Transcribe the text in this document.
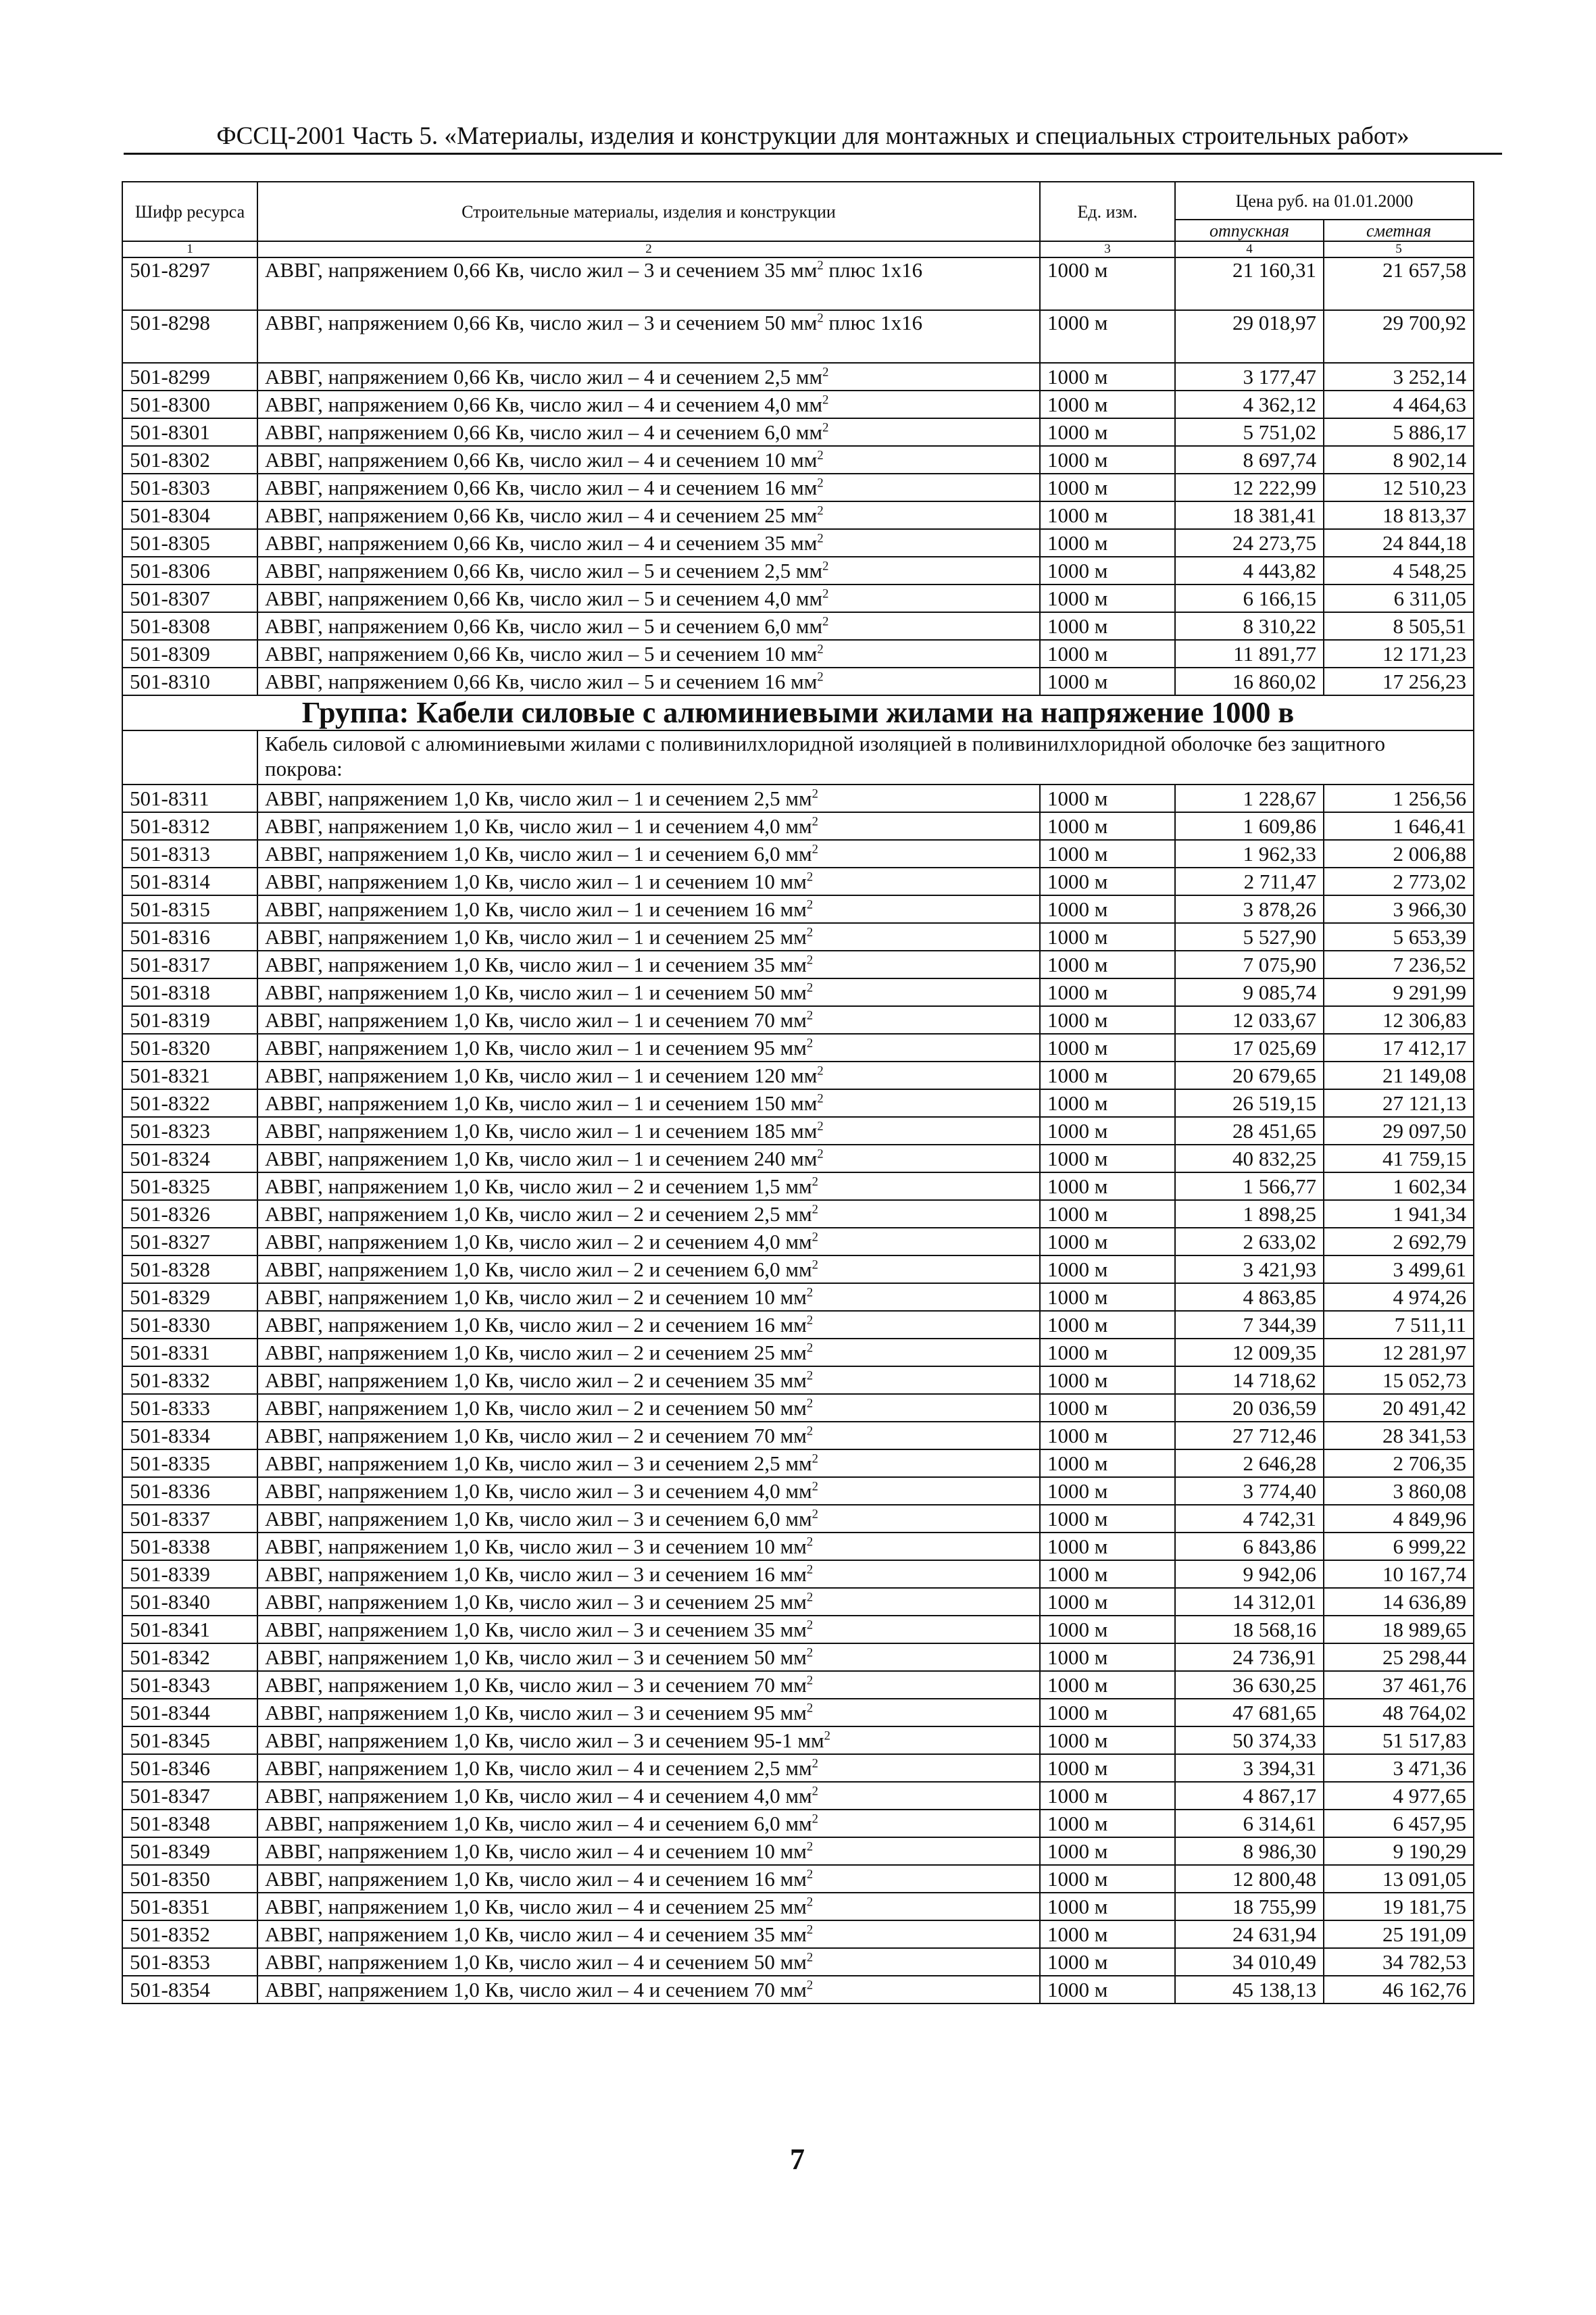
ФССЦ-2001 Часть 5. «Материалы, изделия и конструкции для монтажных и специальных строительных работ»
Шифр ресурса	Строительные материалы, изделия и конструкции	Ед. изм.	Цена руб. на 01.01.2000	
			отпускная	сметная
1	2	3	4	5
501-8297	АВВГ, напряжением 0,66 Кв, число жил – 3 и сечением 35 $мм^2$ плюс 1х16	1000 м	21 160,31	21 657,58
501-8298	АВВГ, напряжением 0,66 Кв, число жил – 3 и сечением 50 $мм^2$ плюс 1х16	1000 м	29 018,97	29 700,92
501-8299	АВВГ, напряжением 0,66 Кв, число жил – 4 и сечением 2,5 $мм^2$	1000 м	3 177,47	3 252,14
501-8300	АВВГ, напряжением 0,66 Кв, число жил – 4 и сечением 4,0 $мм^2$	1000 м	4 362,12	4 464,63
501-8301	АВВГ, напряжением 0,66 Кв, число жил – 4 и сечением 6,0 $мм^2$	1000 м	5 751,02	5 886,17
501-8302	АВВГ, напряжением 0,66 Кв, число жил – 4 и сечением 10 $мм^2$	1000 м	8 697,74	8 902,14
501-8303	АВВГ, напряжением 0,66 Кв, число жил – 4 и сечением 16 $мм^2$	1000 м	12 222,99	12 510,23
501-8304	АВВГ, напряжением 0,66 Кв, число жил – 4 и сечением 25 $мм^2$	1000 м	18 381,41	18 813,37
501-8305	АВВГ, напряжением 0,66 Кв, число жил – 4 и сечением 35 $мм^2$	1000 м	24 273,75	24 844,18
501-8306	АВВГ, напряжением 0,66 Кв, число жил – 5 и сечением 2,5 $мм^2$	1000 м	4 443,82	4 548,25
501-8307	АВВГ, напряжением 0,66 Кв, число жил – 5 и сечением 4,0 $мм^2$	1000 м	6 166,15	6 311,05
501-8308	АВВГ, напряжением 0,66 Кв, число жил – 5 и сечением 6,0 $мм^2$	1000 м	8 310,22	8 505,51
501-8309	АВВГ, напряжением 0,66 Кв, число жил – 5 и сечением 10 $мм^2$	1000 м	11 891,77	12 171,23
501-8310	АВВГ, напряжением 0,66 Кв, число жил – 5 и сечением 16 $мм^2$	1000 м	16 860,02	17 256,23
Группа: Кабели силовые с алюминиевыми жилами на напряжение 1000 в				
	Кабель силовой с алюминиевыми жилами с поливинилхлоридной изоляцией в поливинилхлоридной оболочке без защитного покрова:			
501-8311	АВВГ, напряжением 1,0 Кв, число жил – 1 и сечением 2,5 $мм^2$	1000 м	1 228,67	1 256,56
501-8312	АВВГ, напряжением 1,0 Кв, число жил – 1 и сечением 4,0 $мм^2$	1000 м	1 609,86	1 646,41
501-8313	АВВГ, напряжением 1,0 Кв, число жил – 1 и сечением 6,0 $мм^2$	1000 м	1 962,33	2 006,88
501-8314	АВВГ, напряжением 1,0 Кв, число жил – 1 и сечением 10 $мм^2$	1000 м	2 711,47	2 773,02
501-8315	АВВГ, напряжением 1,0 Кв, число жил – 1 и сечением 16 $мм^2$	1000 м	3 878,26	3 966,30
501-8316	АВВГ, напряжением 1,0 Кв, число жил – 1 и сечением 25 $мм^2$	1000 м	5 527,90	5 653,39
501-8317	АВВГ, напряжением 1,0 Кв, число жил – 1 и сечением 35 $мм^2$	1000 м	7 075,90	7 236,52
501-8318	АВВГ, напряжением 1,0 Кв, число жил – 1 и сечением 50 $мм^2$	1000 м	9 085,74	9 291,99
501-8319	АВВГ, напряжением 1,0 Кв, число жил – 1 и сечением 70 $мм^2$	1000 м	12 033,67	12 306,83
501-8320	АВВГ, напряжением 1,0 Кв, число жил – 1 и сечением 95 $мм^2$	1000 м	17 025,69	17 412,17
501-8321	АВВГ, напряжением 1,0 Кв, число жил – 1 и сечением 120 $мм^2$	1000 м	20 679,65	21 149,08
501-8322	АВВГ, напряжением 1,0 Кв, число жил – 1 и сечением 150 $мм^2$	1000 м	26 519,15	27 121,13
501-8323	АВВГ, напряжением 1,0 Кв, число жил – 1 и сечением 185 $мм^2$	1000 м	28 451,65	29 097,50
501-8324	АВВГ, напряжением 1,0 Кв, число жил – 1 и сечением 240 $мм^2$	1000 м	40 832,25	41 759,15
501-8325	АВВГ, напряжением 1,0 Кв, число жил – 2 и сечением 1,5 $мм^2$	1000 м	1 566,77	1 602,34
501-8326	АВВГ, напряжением 1,0 Кв, число жил – 2 и сечением 2,5 $мм^2$	1000 м	1 898,25	1 941,34
501-8327	АВВГ, напряжением 1,0 Кв, число жил – 2 и сечением 4,0 $мм^2$	1000 м	2 633,02	2 692,79
501-8328	АВВГ, напряжением 1,0 Кв, число жил – 2 и сечением 6,0 $мм^2$	1000 м	3 421,93	3 499,61
501-8329	АВВГ, напряжением 1,0 Кв, число жил – 2 и сечением 10 $мм^2$	1000 м	4 863,85	4 974,26
501-8330	АВВГ, напряжением 1,0 Кв, число жил – 2 и сечением 16 $мм^2$	1000 м	7 344,39	7 511,11
501-8331	АВВГ, напряжением 1,0 Кв, число жил – 2 и сечением 25 $мм^2$	1000 м	12 009,35	12 281,97
501-8332	АВВГ, напряжением 1,0 Кв, число жил – 2 и сечением 35 $мм^2$	1000 м	14 718,62	15 052,73
501-8333	АВВГ, напряжением 1,0 Кв, число жил – 2 и сечением 50 $мм^2$	1000 м	20 036,59	20 491,42
501-8334	АВВГ, напряжением 1,0 Кв, число жил – 2 и сечением 70 $мм^2$	1000 м	27 712,46	28 341,53
501-8335	АВВГ, напряжением 1,0 Кв, число жил – 3 и сечением 2,5 $мм^2$	1000 м	2 646,28	2 706,35
501-8336	АВВГ, напряжением 1,0 Кв, число жил – 3 и сечением 4,0 $мм^2$	1000 м	3 774,40	3 860,08
501-8337	АВВГ, напряжением 1,0 Кв, число жил – 3 и сечением 6,0 $мм^2$	1000 м	4 742,31	4 849,96
501-8338	АВВГ, напряжением 1,0 Кв, число жил – 3 и сечением 10 $мм^2$	1000 м	6 843,86	6 999,22
501-8339	АВВГ, напряжением 1,0 Кв, число жил – 3 и сечением 16 $мм^2$	1000 м	9 942,06	10 167,74
501-8340	АВВГ, напряжением 1,0 Кв, число жил – 3 и сечением 25 $мм^2$	1000 м	14 312,01	14 636,89
501-8341	АВВГ, напряжением 1,0 Кв, число жил – 3 и сечением 35 $мм^2$	1000 м	18 568,16	18 989,65
501-8342	АВВГ, напряжением 1,0 Кв, число жил – 3 и сечением 50 $мм^2$	1000 м	24 736,91	25 298,44
501-8343	АВВГ, напряжением 1,0 Кв, число жил – 3 и сечением 70 $мм^2$	1000 м	36 630,25	37 461,76
501-8344	АВВГ, напряжением 1,0 Кв, число жил – 3 и сечением 95 $мм^2$	1000 м	47 681,65	48 764,02
501-8345	АВВГ, напряжением 1,0 Кв, число жил – 3 и сечением 95-1 $мм^2$	1000 м	50 374,33	51 517,83
501-8346	АВВГ, напряжением 1,0 Кв, число жил – 4 и сечением 2,5 $мм^2$	1000 м	3 394,31	3 471,36
501-8347	АВВГ, напряжением 1,0 Кв, число жил – 4 и сечением 4,0 $мм^2$	1000 м	4 867,17	4 977,65
501-8348	АВВГ, напряжением 1,0 Кв, число жил – 4 и сечением 6,0 $мм^2$	1000 м	6 314,61	6 457,95
501-8349	АВВГ, напряжением 1,0 Кв, число жил – 4 и сечением 10 $мм^2$	1000 м	8 986,30	9 190,29
501-8350	АВВГ, напряжением 1,0 Кв, число жил – 4 и сечением 16 $мм^2$	1000 м	12 800,48	13 091,05
501-8351	АВВГ, напряжением 1,0 Кв, число жил – 4 и сечением 25 $мм^2$	1000 м	18 755,99	19 181,75
501-8352	АВВГ, напряжением 1,0 Кв, число жил – 4 и сечением 35 $мм^2$	1000 м	24 631,94	25 191,09
501-8353	АВВГ, напряжением 1,0 Кв, число жил – 4 и сечением 50 $мм^2$	1000 м	34 010,49	34 782,53
501-8354	АВВГ, напряжением 1,0 Кв, число жил – 4 и сечением 70 $мм^2$	1000 м	45 138,13	46 162,76
7
